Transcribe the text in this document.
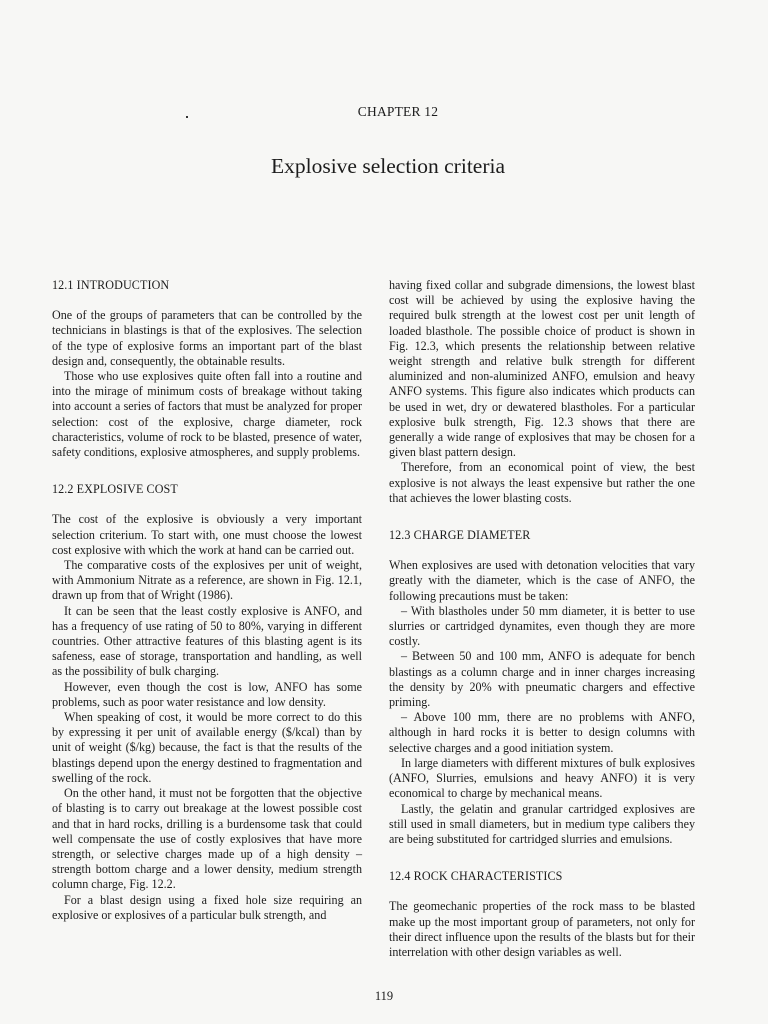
CHAPTER 12
Explosive selection criteria
12.1 INTRODUCTION

One of the groups of parameters that can be controlled by the technicians in blastings is that of the explosives. The selection of the type of explosive forms an important part of the blast design and, consequently, the obtainable results.

Those who use explosives quite often fall into a routine and into the mirage of minimum costs of breakage without taking into account a series of factors that must be analyzed for proper selection: cost of the explosive, charge diameter, rock characteristics, volume of rock to be blasted, presence of water, safety conditions, explosive atmospheres, and supply problems.

12.2 EXPLOSIVE COST

The cost of the explosive is obviously a very important selection criterium. To start with, one must choose the lowest cost explosive with which the work at hand can be carried out.

The comparative costs of the explosives per unit of weight, with Ammonium Nitrate as a reference, are shown in Fig. 12.1, drawn up from that of Wright (1986).

It can be seen that the least costly explosive is ANFO, and has a frequency of use rating of 50 to 80%, varying in different countries. Other attractive features of this blasting agent is its safeness, ease of storage, transportation and handling, as well as the possibility of bulk charging.

However, even though the cost is low, ANFO has some problems, such as poor water resistance and low density.

When speaking of cost, it would be more correct to do this by expressing it per unit of available energy ($/kcal) than by unit of weight ($/kg) because, the fact is that the results of the blastings depend upon the energy destined to fragmentation and swelling of the rock.

On the other hand, it must not be forgotten that the objective of blasting is to carry out breakage at the lowest possible cost and that in hard rocks, drilling is a burdensome task that could well compensate the use of costly explosives that have more strength, or selective charges made up of a high density – strength bottom charge and a lower density, medium strength column charge, Fig. 12.2.

For a blast design using a fixed hole size requiring an explosive or explosives of a particular bulk strength, and

having fixed collar and subgrade dimensions, the lowest blast cost will be achieved by using the explosive having the required bulk strength at the lowest cost per unit length of loaded blasthole. The possible choice of product is shown in Fig. 12.3, which presents the relationship between relative weight strength and relative bulk strength for different aluminized and non-aluminized ANFO, emulsion and heavy ANFO systems. This figure also indicates which products can be used in wet, dry or dewatered blastholes. For a particular explosive bulk strength, Fig. 12.3 shows that there are generally a wide range of explosives that may be chosen for a given blast pattern design.

Therefore, from an economical point of view, the best explosive is not always the least expensive but rather the one that achieves the lower blasting costs.

12.3 CHARGE DIAMETER

When explosives are used with detonation velocities that vary greatly with the diameter, which is the case of ANFO, the following precautions must be taken:

– With blastholes under 50 mm diameter, it is better to use slurries or cartridged dynamites, even though they are more costly.

– Between 50 and 100 mm, ANFO is adequate for bench blastings as a column charge and in inner charges increasing the density by 20% with pneumatic chargers and effective priming.

– Above 100 mm, there are no problems with ANFO, although in hard rocks it is better to design columns with selective charges and a good initiation system.

In large diameters with different mixtures of bulk explosives (ANFO, Slurries, emulsions and heavy ANFO) it is very economical to charge by mechanical means.

Lastly, the gelatin and granular cartridged explosives are still used in small diameters, but in medium type calibers they are being substituted for cartridged slurries and emulsions.

12.4 ROCK CHARACTERISTICS

The geomechanic properties of the rock mass to be blasted make up the most important group of parameters, not only for their direct influence upon the results of the blasts but for their interrelation with other design variables as well.

119
